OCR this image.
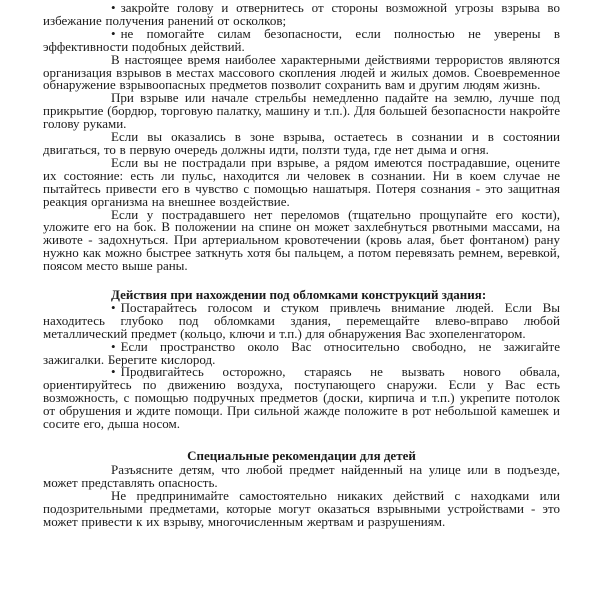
• закройте голову и отвернитесь от стороны возможной угрозы взрыва во избежание получения ранений от осколков;

• не помогайте силам безопасности, если полностью не уверены в эффективности подобных действий.

В настоящее время наиболее характерными действиями террористов являются организация взрывов в местах массового скопления людей и жилых домов. Своевременное обнаружение взрывоопасных предметов позволит сохранить вам и другим людям жизнь.

При взрыве или начале стрельбы немедленно падайте на землю, лучше под прикрытие (бордюр, торговую палатку, машину и т.п.). Для большей безопасности накройте голову руками.

Если вы оказались в зоне взрыва, остаетесь в сознании и в состоянии двигаться, то в первую очередь должны идти, ползти туда, где нет дыма и огня.

Если вы не пострадали при взрыве, а рядом имеются пострадавшие, оцените их состояние: есть ли пульс, находится ли человек в сознании. Ни в коем случае не пытайтесь привести его в чувство с помощью нашатыря. Потеря сознания - это защитная реакция организма на внешнее воздействие.

Если у пострадавшего нет переломов (тщательно прощупайте его кости), уложите его на бок. В положении на спине он может захлебнуться рвотными массами, на животе - задохнуться. При артериальном кровотечении (кровь алая, бьет фонтаном) рану нужно как можно быстрее заткнуть хотя бы пальцем, а потом перевязать ремнем, веревкой, поясом место выше раны.

Действия при нахождении под обломками конструкций здания:

• Постарайтесь голосом и стуком привлечь внимание людей. Если Вы находитесь глубоко под обломками здания, перемещайте влево-вправо любой металлический предмет (кольцо, ключи и т.п.) для обнаружения Вас эхопеленгатором.

• Если пространство около Вас относительно свободно, не зажигайте зажигалки. Берегите кислород.

• Продвигайтесь осторожно, стараясь не вызвать нового обвала, ориентируйтесь по движению воздуха, поступающего снаружи. Если у Вас есть возможность, с помощью подручных предметов (доски, кирпича и т.п.) укрепите потолок от обрушения и ждите помощи. При сильной жажде положите в рот небольшой камешек и сосите его, дыша носом.

Специальные рекомендации для детей

Разъясните детям, что любой предмет найденный на улице или в подъезде, может представлять опасность.

Не предпринимайте самостоятельно никаких действий с находками или подозрительными предметами, которые могут оказаться взрывными устройствами - это может привести к их взрыву, многочисленным жертвам и разрушениям.
